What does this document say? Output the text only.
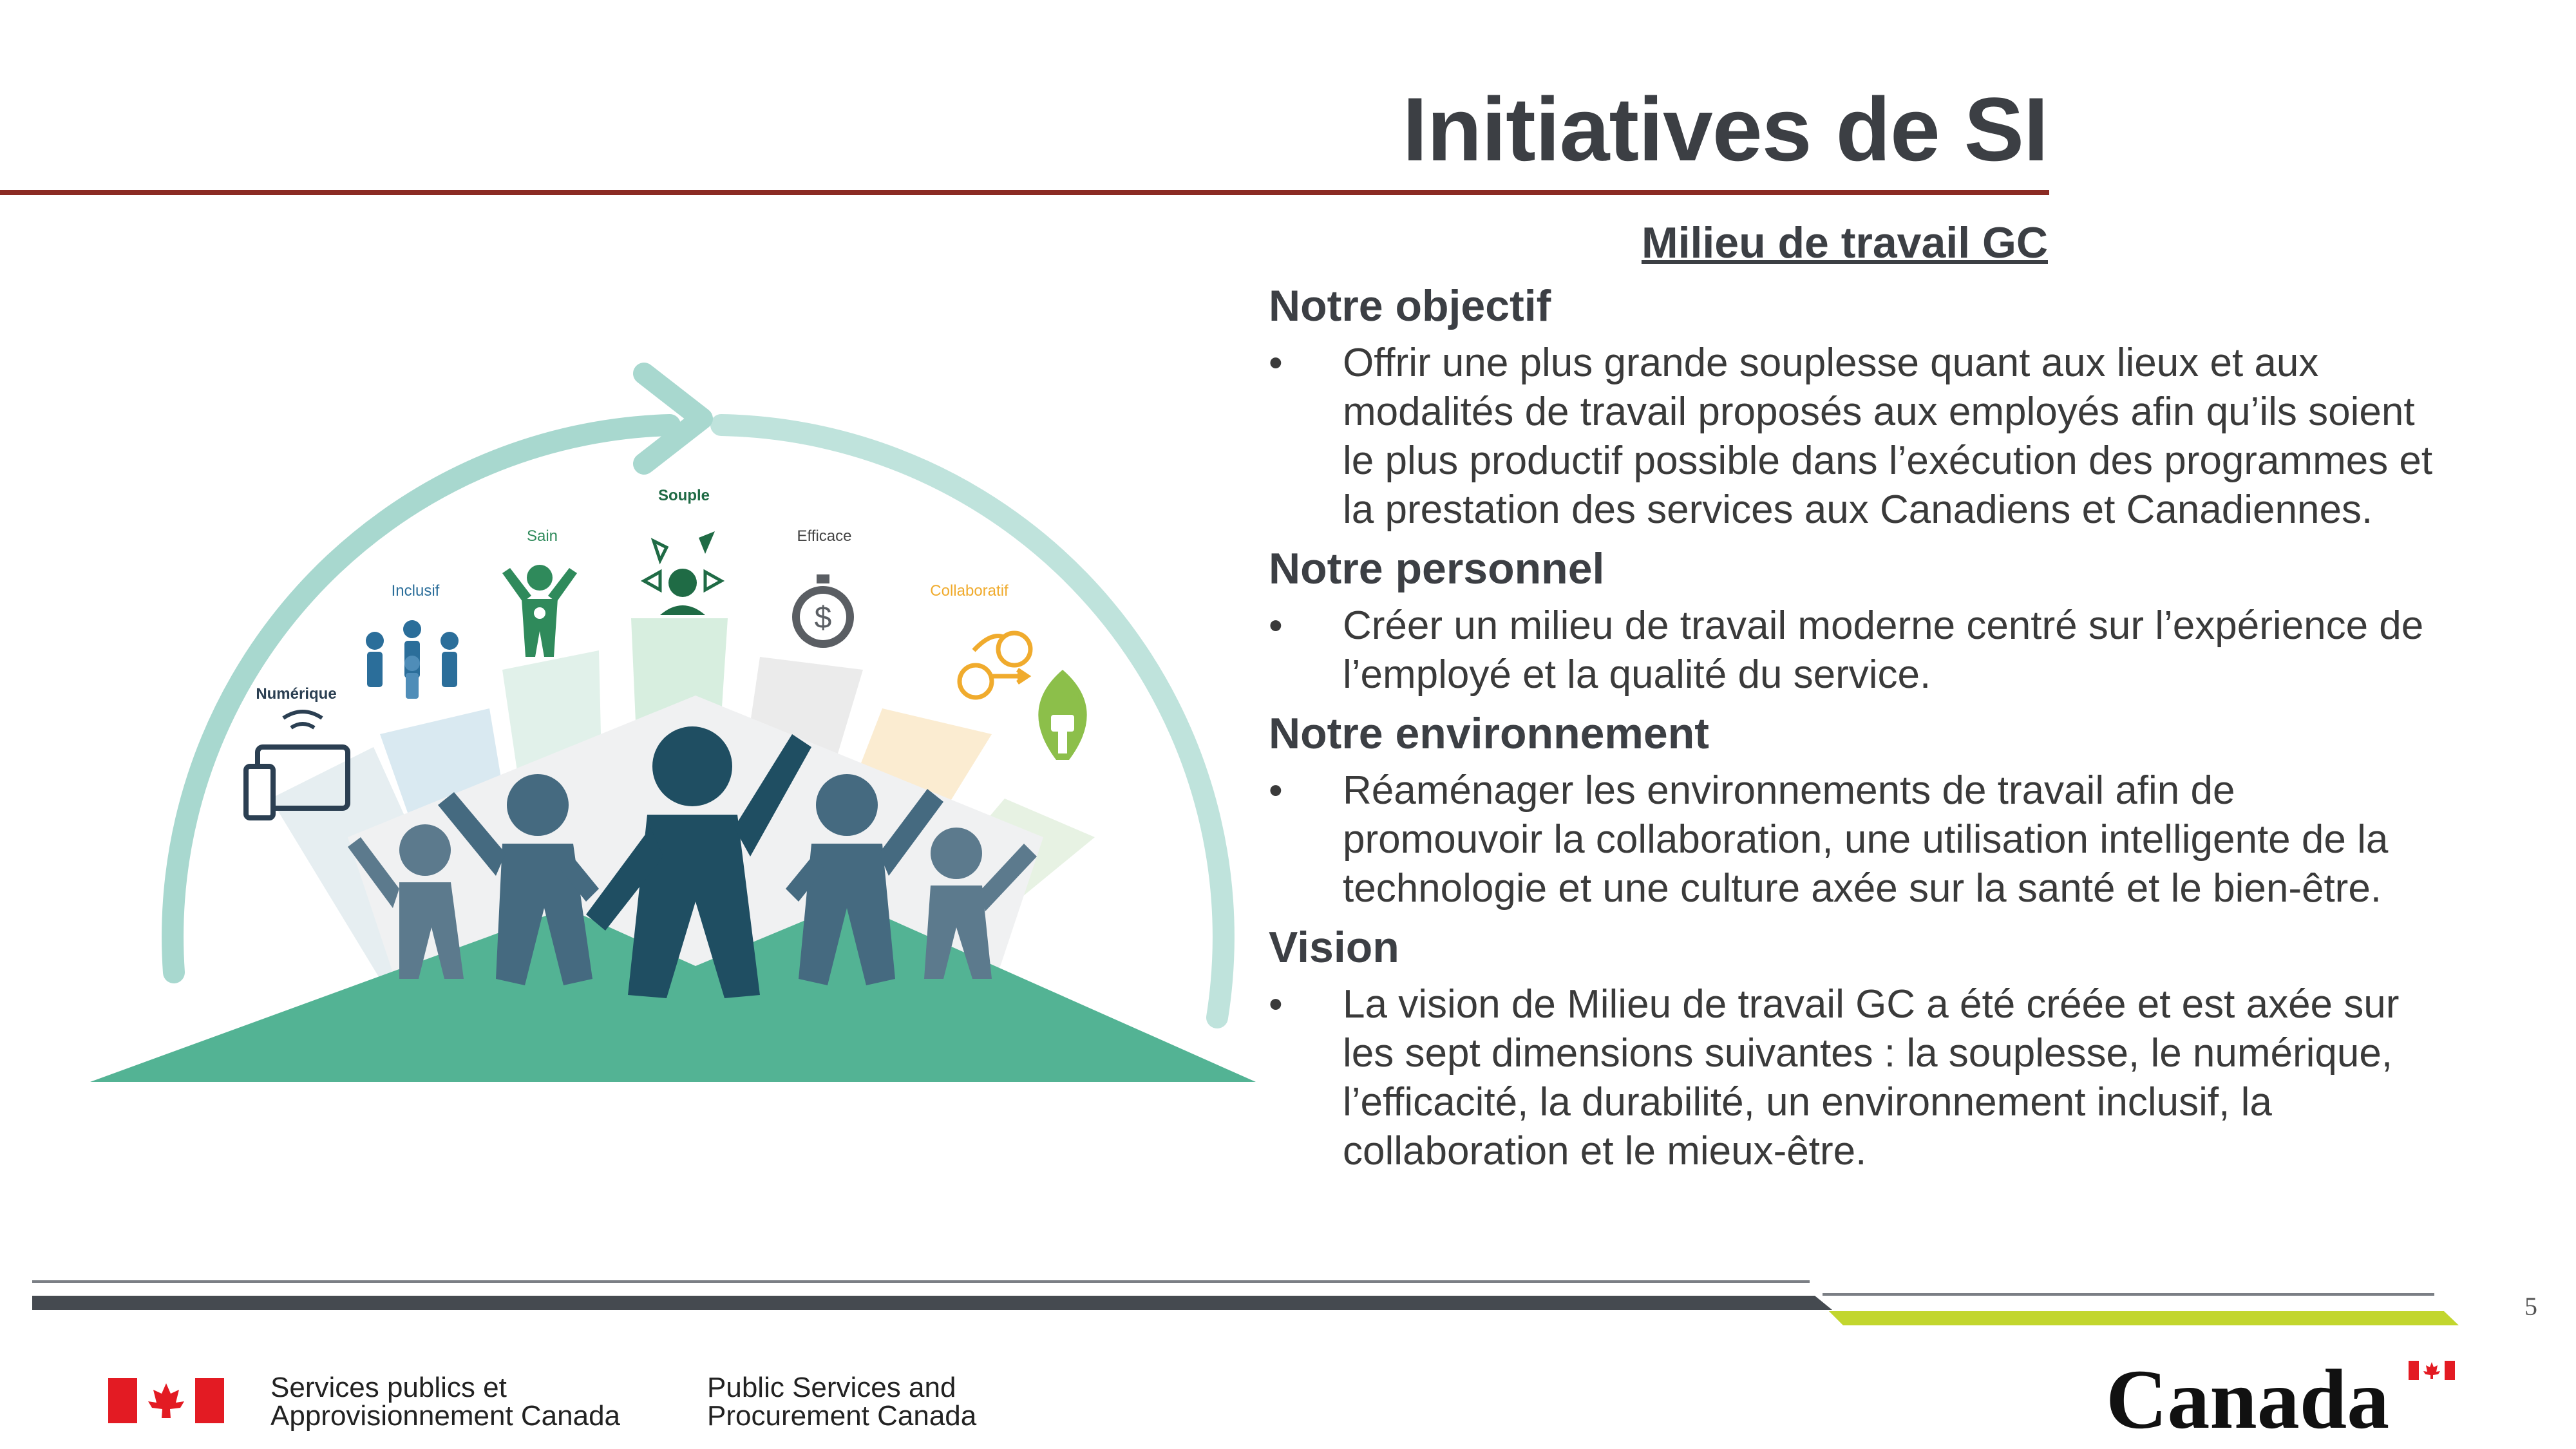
Initiatives de SI
$
Numérique
Inclusif
Sain
Souple
Efficace
Collaboratif
Vert
Milieu de travail GC
Notre objectif
•	Offrir une plus grande souplesse quant aux lieux et aux modalités de travail proposés aux employés afin qu’ils soient le plus productif possible dans l’exécution des programmes et la prestation des services aux Canadiens et Canadiennes.
Notre personnel
•	Créer un milieu de travail moderne centré sur l’expérience de l’employé et la qualité du service.
Notre environnement
•	Réaménager les environnements de travail afin de promouvoir la collaboration, une utilisation intelligente de la technologie et une culture axée sur la santé et le bien-être.
Vision
•	La vision de Milieu de travail GC a été créée et est axée sur les sept dimensions suivantes : la souplesse, le numérique, l’efficacité, la durabilité, un environnement inclusif, la collaboration et le mieux-être.
5
Services publics et
Approvisionnement Canada
Public Services and
Procurement Canada	Canada
